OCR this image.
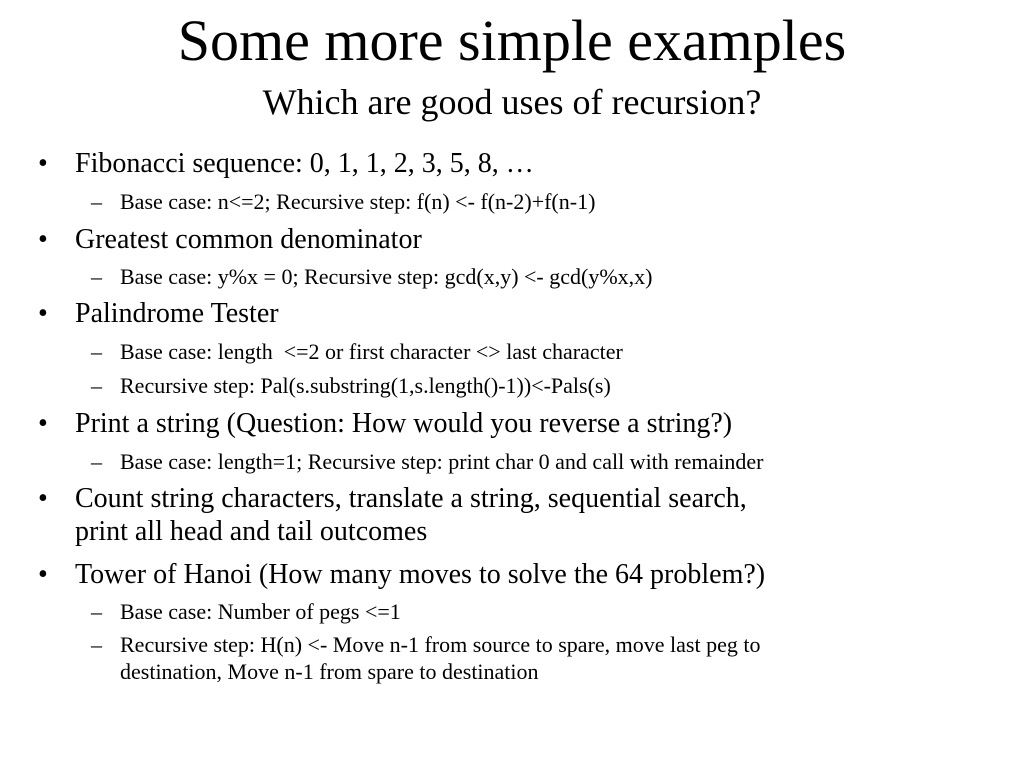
Some more simple examples
Which are good uses of recursion?
• Fibonacci sequence: 0, 1, 1, 2, 3, 5, 8, …
– Base case: n<=2; Recursive step: f(n) <- f(n-2)+f(n-1)
• Greatest common denominator
– Base case: y%x = 0; Recursive step: gcd(x,y) <- gcd(y%x,x)
• Palindrome Tester
– Base case: length  <=2 or first character <> last character
– Recursive step: Pal(s.substring(1,s.length()-1))<-Pals(s)
• Print a string (Question: How would you reverse a string?)
– Base case: length=1; Recursive step: print char 0 and call with remainder
• Count string characters, translate a string, sequential search,
print all head and tail outcomes
• Tower of Hanoi (How many moves to solve the 64 problem?)
– Base case: Number of pegs <=1
– Recursive step: H(n) <- Move n-1 from source to spare, move last peg to
destination, Move n-1 from spare to destination
